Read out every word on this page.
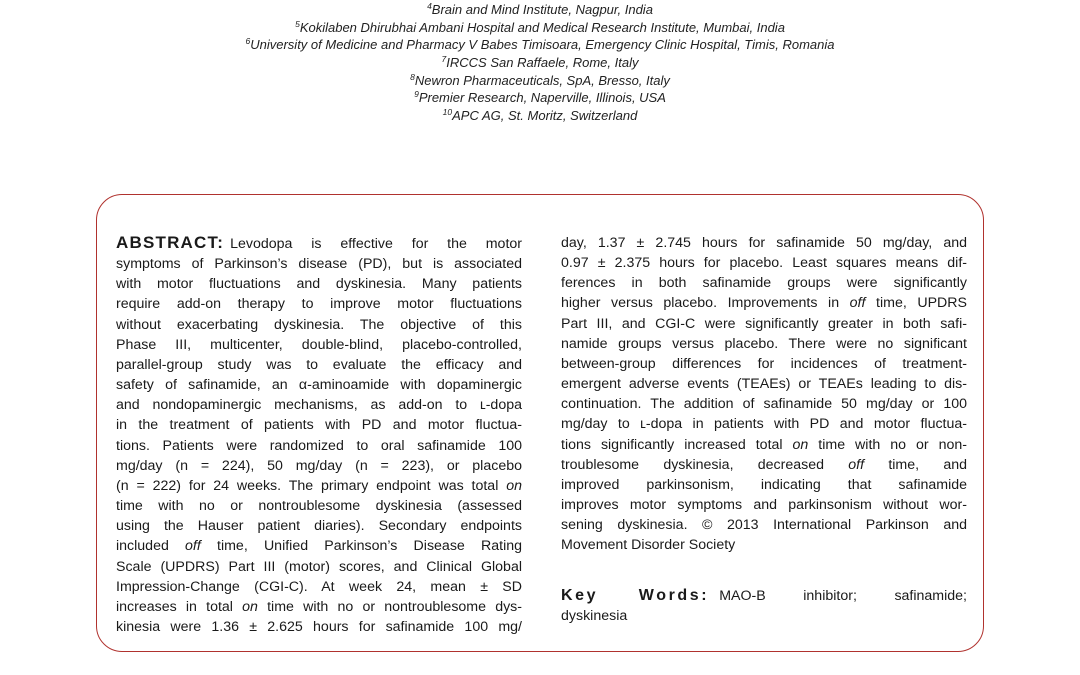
$^4$Brain and Mind Institute, Nagpur, India
$^5$Kokilaben Dhirubhai Ambani Hospital and Medical Research Institute, Mumbai, India
$^6$University of Medicine and Pharmacy V Babes Timisoara, Emergency Clinic Hospital, Timis, Romania
$^7$IRCCS San Raffaele, Rome, Italy
$^8$Newron Pharmaceuticals, SpA, Bresso, Italy
$^9$Premier Research, Naperville, Illinois, USA
$^{10}$APC AG, St. Moritz, Switzerland

ABSTRACT: Levodopa is effective for the motor

symptoms of Parkinson’s disease (PD), but is associated

with motor fluctuations and dyskinesia. Many patients

require add-on therapy to improve motor fluctuations

without exacerbating dyskinesia. The objective of this

Phase III, multicenter, double-blind, placebo-controlled,

parallel-group study was to evaluate the efficacy and

safety of safinamide, an α-aminoamide with dopaminergic

and nondopaminergic mechanisms, as add-on to ʟ-dopa

in the treatment of patients with PD and motor fluctua-

tions. Patients were randomized to oral safinamide 100

mg/day (n = 224), 50 mg/day (n = 223), or placebo

(n = 222) for 24 weeks. The primary endpoint was total on

time with no or nontroublesome dyskinesia (assessed

using the Hauser patient diaries). Secondary endpoints

included off time, Unified Parkinson’s Disease Rating

Scale (UPDRS) Part III (motor) scores, and Clinical Global

Impression-Change (CGI-C). At week 24, mean ± SD

increases in total on time with no or nontroublesome dys-

kinesia were 1.36 ± 2.625 hours for safinamide 100 mg/

day, 1.37 ± 2.745 hours for safinamide 50 mg/day, and

0.97 ± 2.375 hours for placebo. Least squares means dif-

ferences in both safinamide groups were significantly

higher versus placebo. Improvements in off time, UPDRS

Part III, and CGI-C were significantly greater in both safi-

namide groups versus placebo. There were no significant

between-group differences for incidences of treatment-

emergent adverse events (TEAEs) or TEAEs leading to dis-

continuation. The addition of safinamide 50 mg/day or 100

mg/day to ʟ-dopa in patients with PD and motor fluctua-

tions significantly increased total on time with no or non-

troublesome dyskinesia, decreased off time, and

improved parkinsonism, indicating that safinamide

improves motor symptoms and parkinsonism without wor-

sening dyskinesia. © 2013 International Parkinson and

Movement Disorder Society

Key Words: MAO-B inhibitor; safinamide;

dyskinesia
